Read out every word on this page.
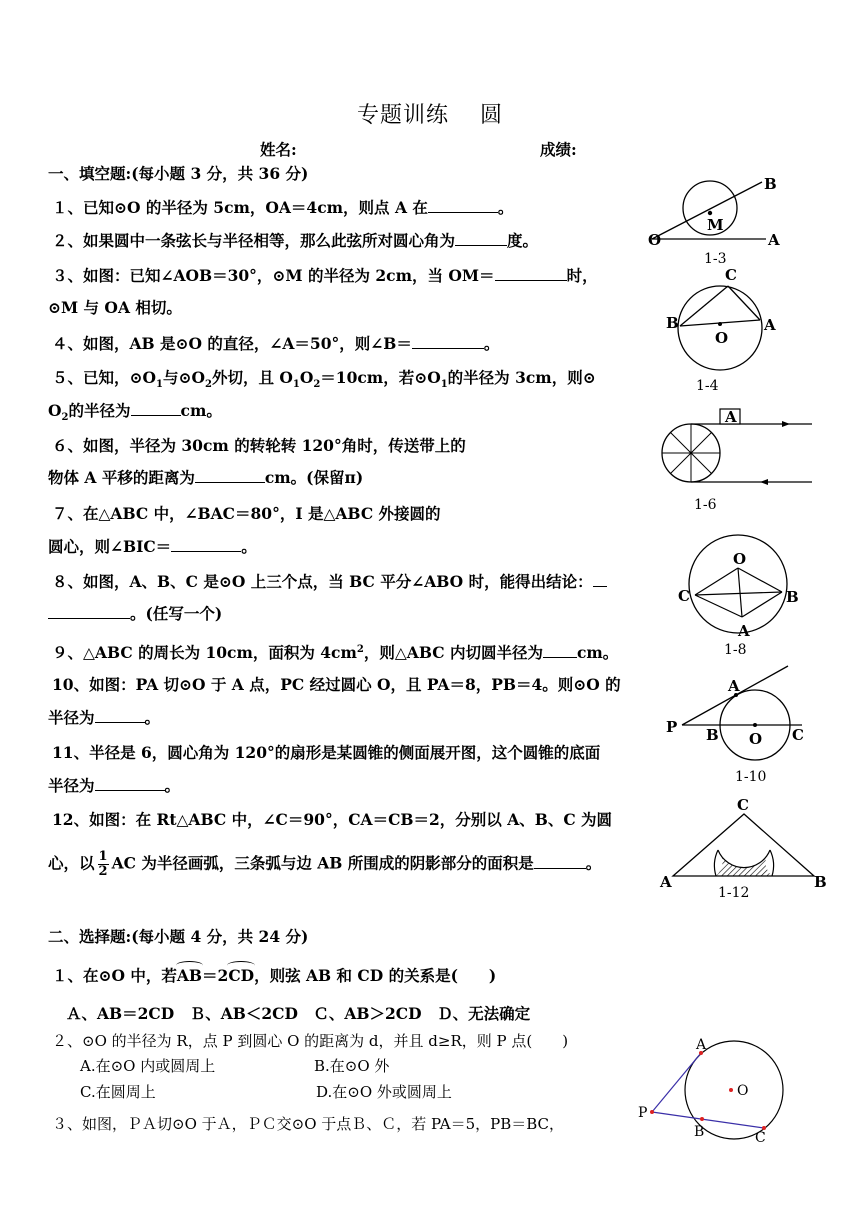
专题训练　 圆
姓名:	成绩:
一、填空题:(每小题 3 分，共 36 分)
１、已知⊙O 的半径为 5cm，OA＝4cm，则点 A 在	。
２、如果圆中一条弦长与半径相等，那么此弦所对圆心角为	度。
３、如图：已知∠AOB＝30°，⊙M 的半径为 2cm，当 OM＝	时，
⊙M 与 OA 相切。
４、如图，AB 是⊙O 的直径，∠A＝50°，则∠B＝	。
５、已知，$⊙O_1$与$⊙O_2$外切，且 $O_1O_2=10cm$，若$⊙O_1$的半径为 3cm，则⊙
$O_2$的半径为	cm。
６、如图，半径为 30cm 的转轮转 120°角时，传送带上的
物体 A 平移的距离为	cm。(保留π)
７、在△ABC 中，∠BAC＝80°，I 是△ABC 外接圆的
圆心，则∠BIC＝	。
８、如图，A、B、C 是⊙O 上三个点，当 BC 平分∠ABO 时，能得出结论：
。(任写一个)
９、△ABC 的周长为 10cm，面积为 $4cm^2$，则△ABC 内切圆半径为 cm。
10、如图：PA 切⊙O 于 A 点，PC 经过圆心 O，且 PA＝8，PB＝4。则⊙O 的
半径为	。
11、半径是 6，圆心角为 120°的扇形是某圆锥的侧面展开图，这个圆锥的底面
半径为	。
12、如图：在 Rt△ABC 中，∠C＝90°，CA＝CB＝2，分别以 A、B、C 为圆
心，以 $\frac{1}{2}$ AC 为半径画弧，三条弧与边 AB 所围成的阴影部分的面积是	。
二、选择题:(每小题 4 分，共 24 分)
１、在⊙O 中，若AB＝2CD，则弦 AB 和 CD 的关系是(　　)
Ａ、AB＝2CD　Ｂ、AB＜2CD　Ｃ、AB＞2CD　Ｄ、无法确定
２、⊙O 的半径为 R，点 P 到圆心 O 的距离为 d，并且 d≥R，则 P 点(　　)
A.在⊙O 内或圆周上	B.在⊙O 外
C.在圆周上	D.在⊙O 外或圆周上
３、如图，ＰＡ切⊙O 于Ａ，ＰＣ交⊙O 于点Ｂ、Ｃ，若 PA＝5，PB＝BC，
B
M
O	A
1-3
C
B	A
O
1-4
A
1-6
O
C	B
A
1-8
A
P B O C
1-10
C
A	B
1-12
A
O
P
B	C
